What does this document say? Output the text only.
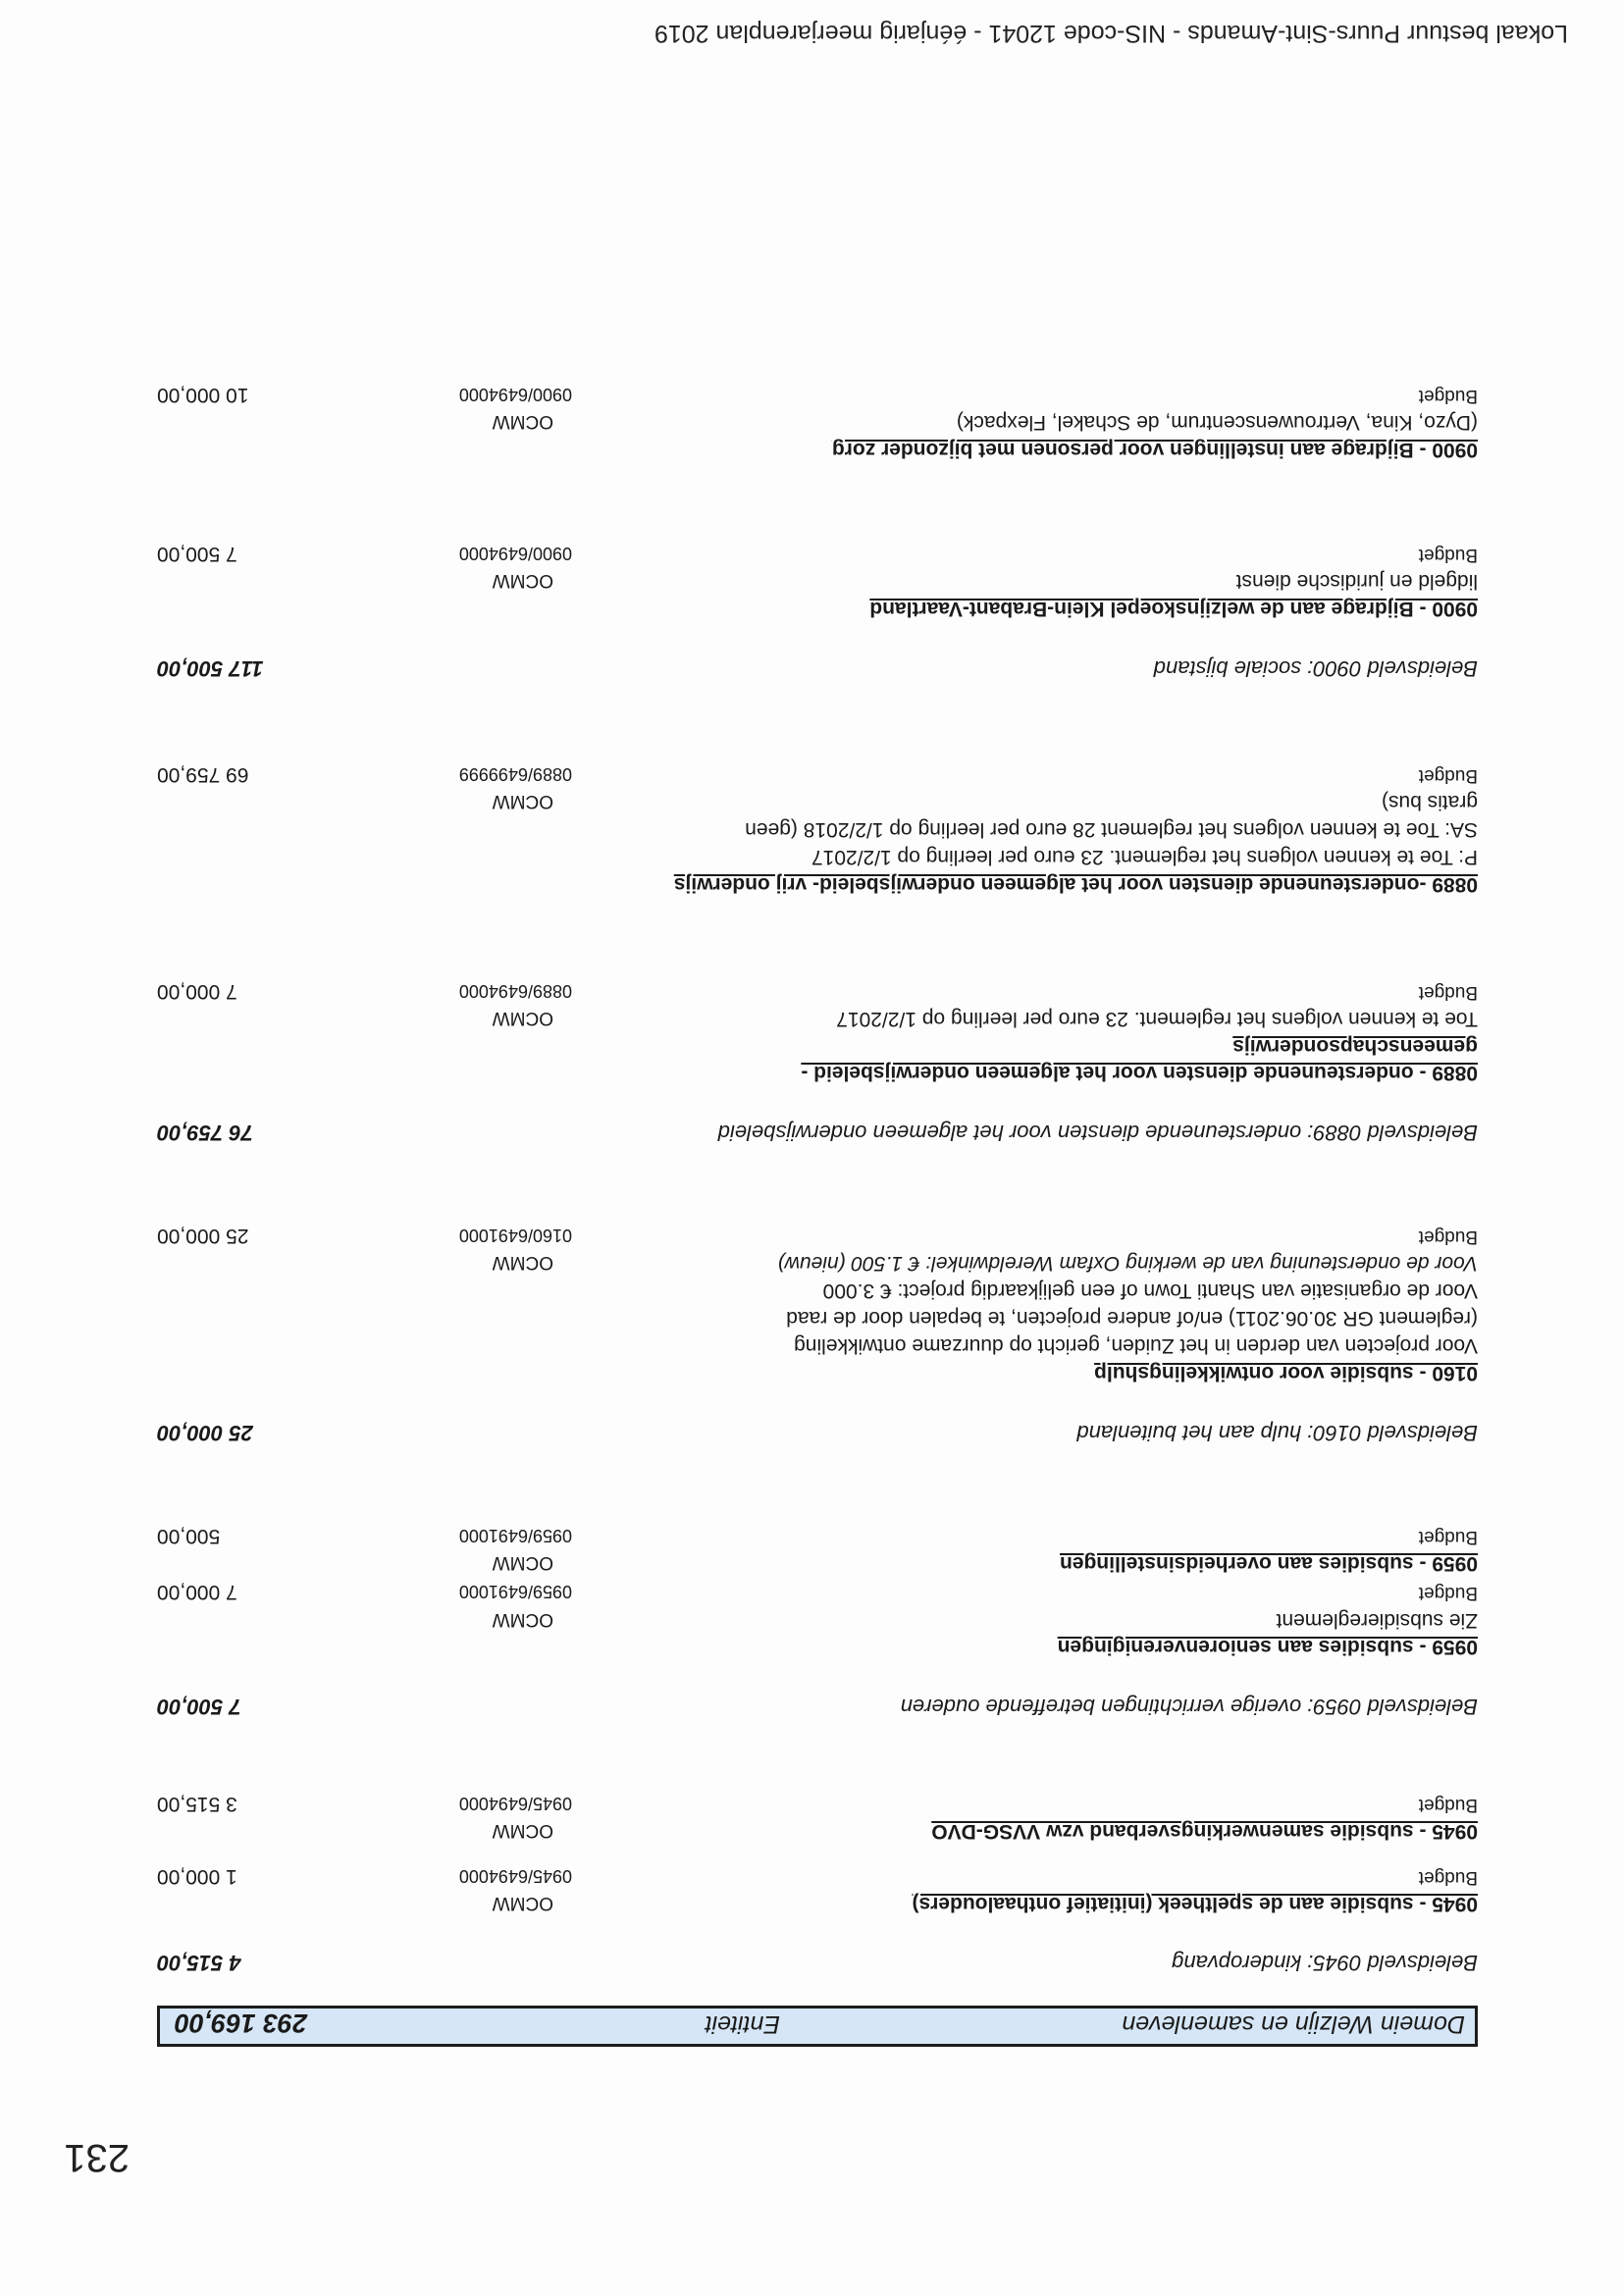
Lokaal bestuur Puurs-Sint-Amands - NIS-code 12041 - éénjarig meerjarenplan 2019
231
Domein Welzijn en samenleven
Entiteit
293 169,00
Beleidsveld 0945: kinderopvang
4 515,00
0945 - subsidie aan de speltheek (initiatief onthaalouders)
OCMW
Budget
0945/6494000
1 000,00
0945 - subsidie samenwerkingsverband vzw VVSG-DVO
OCMW
Budget
0945/6494000
3 515,00
Beleidsveld 0959: overige verrichtingen betreffende ouderen
7 500,00
0959 - subsidies aan seniorenverenigingen
Zie subsidiereglement
OCMW
Budget
0959/6491000
7 000,00
0959 - subsidies aan overheidsinstellingen
OCMW
Budget
0959/6491000
500,00
Beleidsveld 0160: hulp aan het buitenland
25 000,00
0160 - subsidie voor ontwikkelingshulp
Voor projecten van derden in het Zuiden, gericht op duurzame ontwikkeling
(reglement GR 30.06.2011) en/of andere projecten, te bepalen door de raad
Voor de organisatie van Shanti Town of een gelijkaardig project: € 3.000
Voor de ondersteuning van de werking Oxfam Wereldwinkel: € 1.500 (nieuw)
OCMW
Budget
0160/6491000
25 000,00
Beleidsveld 0889: ondersteunende diensten voor het algemeen onderwijsbeleid
76 759,00
0889 - ondersteunende diensten voor het algemeen onderwijsbeleid -
gemeenschapsonderwijs
Toe te kennen volgens het reglement. 23 euro per leerling op 1/2/2017
OCMW
Budget
0889/6494000
7 000,00
0889 -ondersteunende diensten voor het algemeen onderwijsbeleid- vrij onderwijs
P: Toe te kennen volgens het reglement. 23 euro per leerling op 1/2/2017
SA: Toe te kennen volgens het reglement 28 euro per leerling op 1/2/2018 (geen
gratis bus)
OCMW
Budget
0889/6499999
69 759,00
Beleidsveld 0900: sociale bijstand
117 500,00
0900 - Bijdrage aan de welzijnskoepel Klein-Brabant-Vaartland
lidgeld en juridische dienst
OCMW
Budget
0900/6494000
7 500,00
0900 - Bijdrage aan instellingen voor personen met bijzonder zorg
(Dyzo, Kina, Vertrouwenscentrum, de Schakel, Flexpack)
OCMW
Budget
0900/6494000
10 000,00
